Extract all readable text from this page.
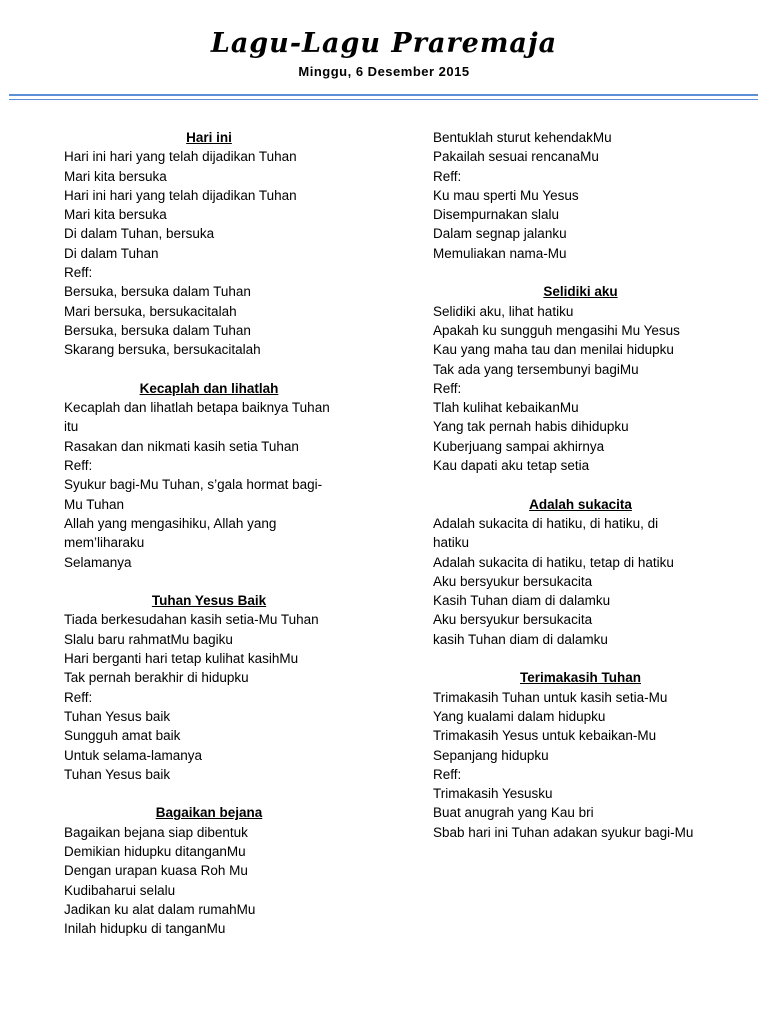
Lagu-Lagu Praremaja
Minggu, 6 Desember 2015
Hari ini
Hari ini hari yang telah dijadikan Tuhan
Mari kita bersuka
Hari ini hari yang telah dijadikan Tuhan
Mari kita bersuka
Di dalam Tuhan, bersuka
Di dalam Tuhan
Reff:
Bersuka, bersuka dalam Tuhan
Mari bersuka, bersukacitalah
Bersuka, bersuka dalam Tuhan
Skarang bersuka, bersukacitalah
Kecaplah dan lihatlah
Kecaplah dan lihatlah betapa baiknya Tuhan
itu
Rasakan dan nikmati kasih setia Tuhan
Reff:
Syukur bagi-Mu Tuhan, s’gala hormat bagi-
Mu Tuhan
Allah yang mengasihiku, Allah yang
mem’liharaku
Selamanya
Tuhan Yesus Baik
Tiada berkesudahan kasih setia-Mu Tuhan
Slalu baru rahmatMu bagiku
Hari berganti hari tetap kulihat kasihMu
Tak pernah berakhir di hidupku
Reff:
Tuhan Yesus baik
Sungguh amat baik
Untuk selama-lamanya
Tuhan Yesus baik
Bagaikan bejana
Bagaikan bejana siap dibentuk
Demikian hidupku ditanganMu
Dengan urapan kuasa Roh Mu
Kudibaharui selalu
Jadikan ku alat dalam rumahMu
Inilah hidupku di tanganMu
Bentuklah sturut kehendakMu
Pakailah sesuai rencanaMu
Reff:
Ku mau sperti Mu Yesus
Disempurnakan slalu
Dalam segnap jalanku
Memuliakan nama-Mu
Selidiki aku
Selidiki aku, lihat hatiku
Apakah ku sungguh mengasihi Mu Yesus
Kau yang maha tau dan menilai hidupku
Tak ada yang tersembunyi bagiMu
Reff:
Tlah kulihat kebaikanMu
Yang tak pernah habis dihidupku
Kuberjuang sampai akhirnya
Kau dapati aku tetap setia
Adalah sukacita
Adalah sukacita di hatiku, di hatiku, di
hatiku
Adalah sukacita di hatiku, tetap di hatiku
Aku bersyukur bersukacita
Kasih Tuhan diam di dalamku
Aku bersyukur bersukacita
kasih Tuhan diam di dalamku
Terimakasih Tuhan
Trimakasih Tuhan untuk kasih setia-Mu
Yang kualami dalam hidupku
Trimakasih Yesus untuk kebaikan-Mu
Sepanjang hidupku
Reff:
Trimakasih Yesusku
Buat anugrah yang Kau bri
Sbab hari ini Tuhan adakan syukur bagi-Mu
